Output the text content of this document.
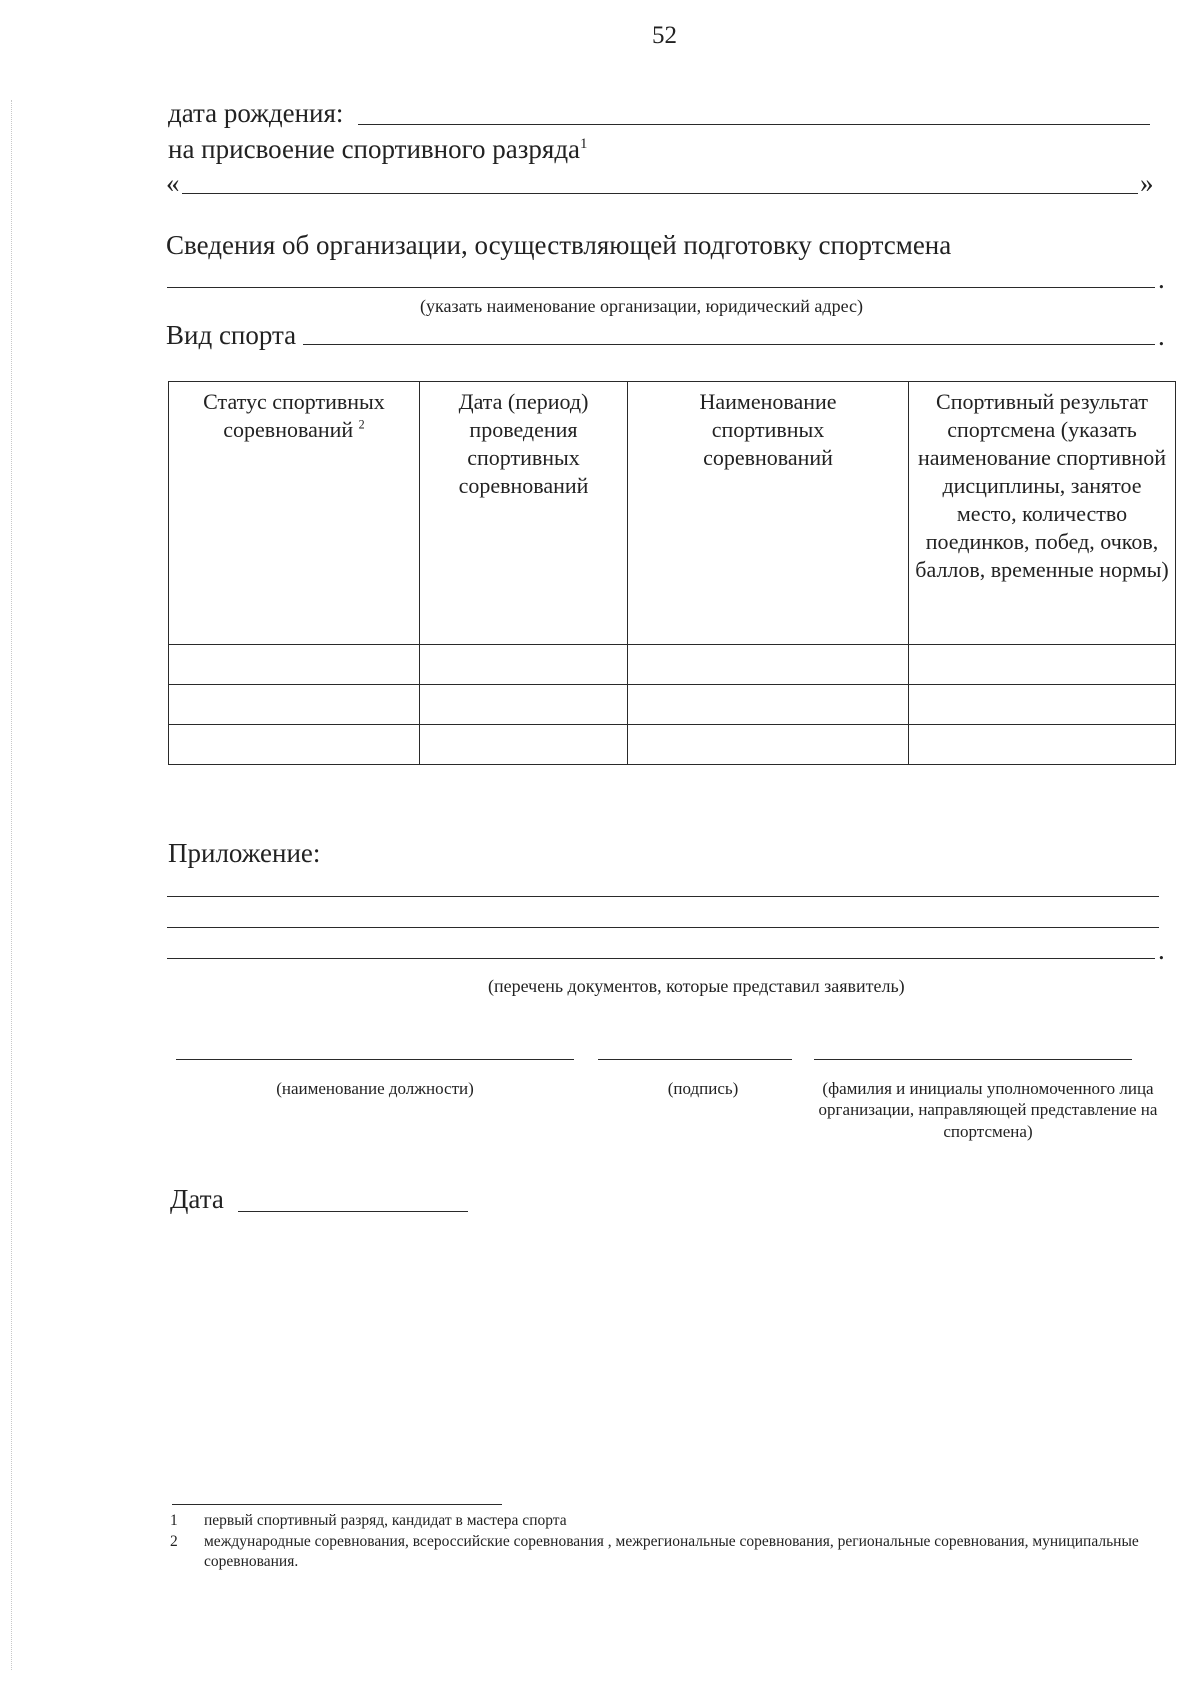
52
дата рождения:
на присвоение спортивного разряда$^1$
«	»
Сведения об организации, осуществляющей подготовку спортсмена
.
(указать наименование организации, юридический адрес)
Вид спорта	.
Статус спортивных соревнований $^2$	Дата (период) проведения спортивных соревнований	Наименование спортивных соревнований	Спортивный результат спортсмена (указать наименование спортивной дисциплины, занятое место, количество поединков, побед, очков, баллов, временные нормы)

Приложение:
.
(перечень документов, которые представил заявитель)
(наименование должности)	(подпись)	(фамилия и инициалы уполномоченного лица организации, направляющей представление на спортсмена)
Дата
1 первый спортивный разряд, кандидат в мастера спорта
2	международные соревнования, всероссийские соревнования , межрегиональные соревнования, региональные соревнования, муниципальные соревнования.
